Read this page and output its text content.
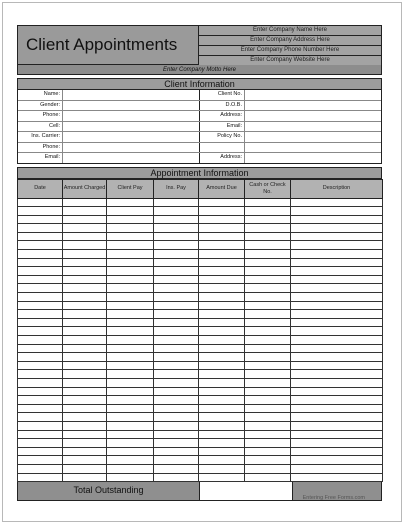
Client Appointments
Enter Company Name Here
Enter Company Address Here
Enter Company Phone Number Here
Enter Company Website Here
Enter Company Motto Here
Client Information
Name:	Client No.
Gender:	D.O.B.
Phone:	Address:
Cell:	Email:
Ins. Carrier:	Policy No.
Phone:
Email:	Address:
Appointment Information
Date	Amount Charged	Client Pay	Ins. Pay	Amount Due	Cash or Check No.	Description

Total Outstanding
Entering Free Forms.com
